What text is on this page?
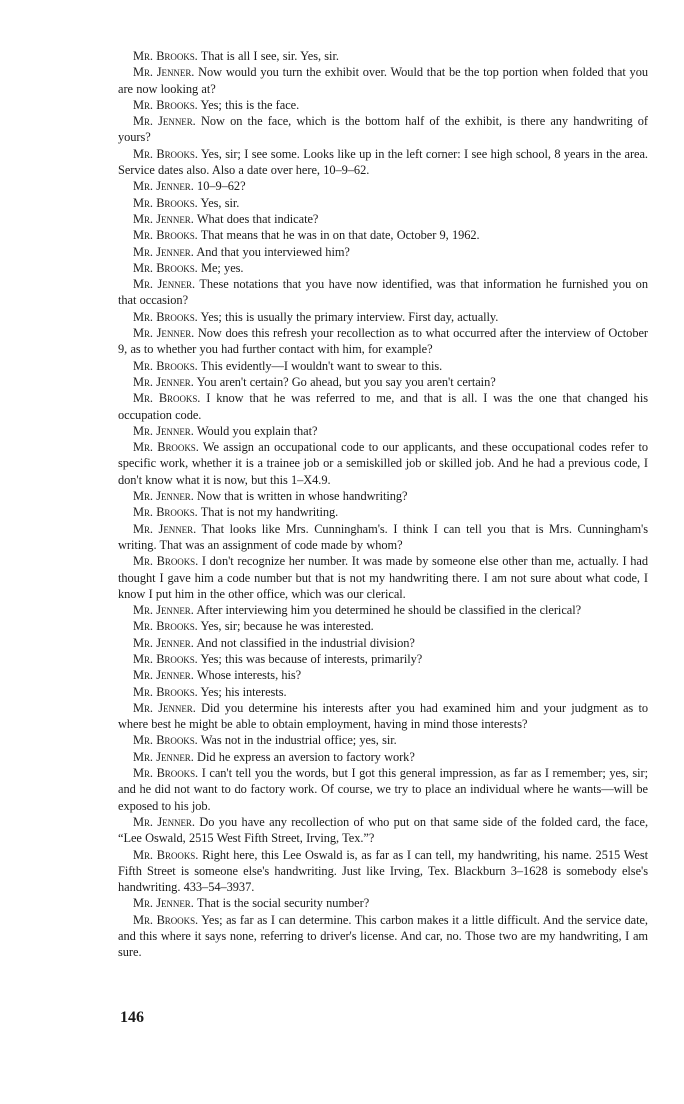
Mr. Brooks. That is all I see, sir. Yes, sir.

Mr. Jenner. Now would you turn the exhibit over. Would that be the top portion when folded that you are now looking at?

Mr. Brooks. Yes; this is the face.

Mr. Jenner. Now on the face, which is the bottom half of the exhibit, is there any handwriting of yours?

Mr. Brooks. Yes, sir; I see some. Looks like up in the left corner: I see high school, 8 years in the area. Service dates also. Also a date over here, 10–9–62.

Mr. Jenner. 10–9–62?

Mr. Brooks. Yes, sir.

Mr. Jenner. What does that indicate?

Mr. Brooks. That means that he was in on that date, October 9, 1962.

Mr. Jenner. And that you interviewed him?

Mr. Brooks. Me; yes.

Mr. Jenner. These notations that you have now identified, was that information he furnished you on that occasion?

Mr. Brooks. Yes; this is usually the primary interview. First day, actually.

Mr. Jenner. Now does this refresh your recollection as to what occurred after the interview of October 9, as to whether you had further contact with him, for example?

Mr. Brooks. This evidently—I wouldn't want to swear to this.

Mr. Jenner. You aren't certain? Go ahead, but you say you aren't certain?

Mr. Brooks. I know that he was referred to me, and that is all. I was the one that changed his occupation code.

Mr. Jenner. Would you explain that?

Mr. Brooks. We assign an occupational code to our applicants, and these occupational codes refer to specific work, whether it is a trainee job or a semiskilled job or skilled job. And he had a previous code, I don't know what it is now, but this 1–X4.9.

Mr. Jenner. Now that is written in whose handwriting?

Mr. Brooks. That is not my handwriting.

Mr. Jenner. That looks like Mrs. Cunningham's. I think I can tell you that is Mrs. Cunningham's writing. That was an assignment of code made by whom?

Mr. Brooks. I don't recognize her number. It was made by someone else other than me, actually. I had thought I gave him a code number but that is not my handwriting there. I am not sure about what code, I know I put him in the other office, which was our clerical.

Mr. Jenner. After interviewing him you determined he should be classified in the clerical?

Mr. Brooks. Yes, sir; because he was interested.

Mr. Jenner. And not classified in the industrial division?

Mr. Brooks. Yes; this was because of interests, primarily?

Mr. Jenner. Whose interests, his?

Mr. Brooks. Yes; his interests.

Mr. Jenner. Did you determine his interests after you had examined him and your judgment as to where best he might be able to obtain employment, having in mind those interests?

Mr. Brooks. Was not in the industrial office; yes, sir.

Mr. Jenner. Did he express an aversion to factory work?

Mr. Brooks. I can't tell you the words, but I got this general impression, as far as I remember; yes, sir; and he did not want to do factory work. Of course, we try to place an individual where he wants—will be exposed to his job.

Mr. Jenner. Do you have any recollection of who put on that same side of the folded card, the face, “Lee Oswald, 2515 West Fifth Street, Irving, Tex.”?

Mr. Brooks. Right here, this Lee Oswald is, as far as I can tell, my handwriting, his name. 2515 West Fifth Street is someone else's handwriting. Just like Irving, Tex. Blackburn 3–1628 is somebody else's handwriting. 433–54–3937.

Mr. Jenner. That is the social security number?

Mr. Brooks. Yes; as far as I can determine. This carbon makes it a little difficult. And the service date, and this where it says none, referring to driver's license. And car, no. Those two are my handwriting, I am sure.

146
